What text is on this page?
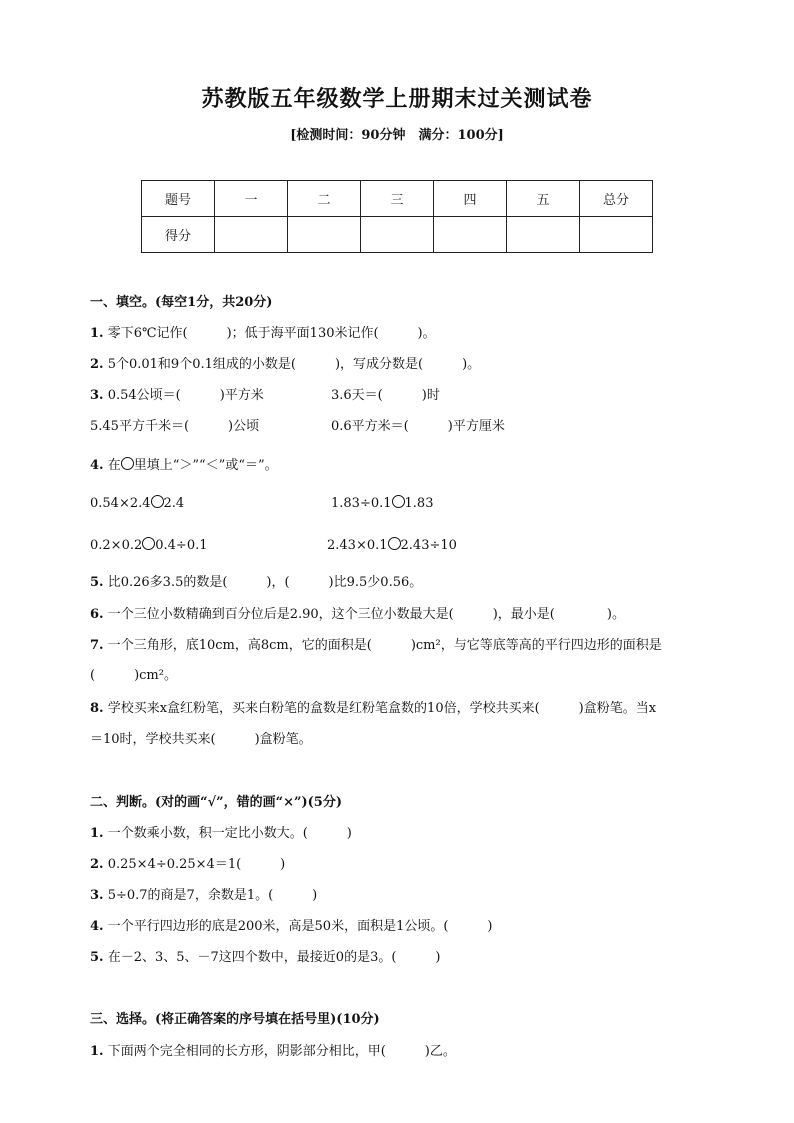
苏教版五年级数学上册期末过关测试卷
[检测时间：90分钟　满分：100分]
题号	一	二	三	四	五	总分
得分						
一、填空。(每空1分，共20分)
1. 零下6℃记作(　　　)；低于海平面130米记作(　　　)。
2. 5个0.01和9个0.1组成的小数是(　　　)，写成分数是(　　　)。
3. 0.54公顷＝(　　　)平方米	3.6天＝(　　　)时
5.45平方千米＝(　　　)公顷	0.6平方米＝(　　　)平方厘米
4. 在 里填上“＞”“＜”或“＝”。
0.54×2.4 2.4	1.83÷0.1 1.83
0.2×0.2 0.4÷0.1	2.43×0.1 2.43÷10
5. 比0.26多3.5的数是(　　　)，(　　　)比9.5少0.56。
6. 一个三位小数精确到百分位后是2.90，这个三位小数最大是(　　　)，最小是(　　　　)。
7. 一个三角形，底10cm，高8cm，它的面积是(　　　)cm²，与它等底等高的平行四边形的面积是
(　　　)cm²。
8. 学校买来x盒红粉笔，买来白粉笔的盒数是红粉笔盒数的10倍，学校共买来(　　　)盒粉笔。当x
＝10时，学校共买来(　　　)盒粉笔。
二、判断。(对的画“√”，错的画“×”)(5分)
1. 一个数乘小数，积一定比小数大。(　　　)
2. 0.25×4÷0.25×4＝1(　　　)
3. 5÷0.7的商是7，余数是1。(　　　)
4. 一个平行四边形的底是200米，高是50米，面积是1公顷。(　　　)
5. 在－2、3、5、－7这四个数中，最接近0的是3。(　　　)
三、选择。(将正确答案的序号填在括号里)(10分)
1. 下面两个完全相同的长方形，阴影部分相比，甲(　　　)乙。
